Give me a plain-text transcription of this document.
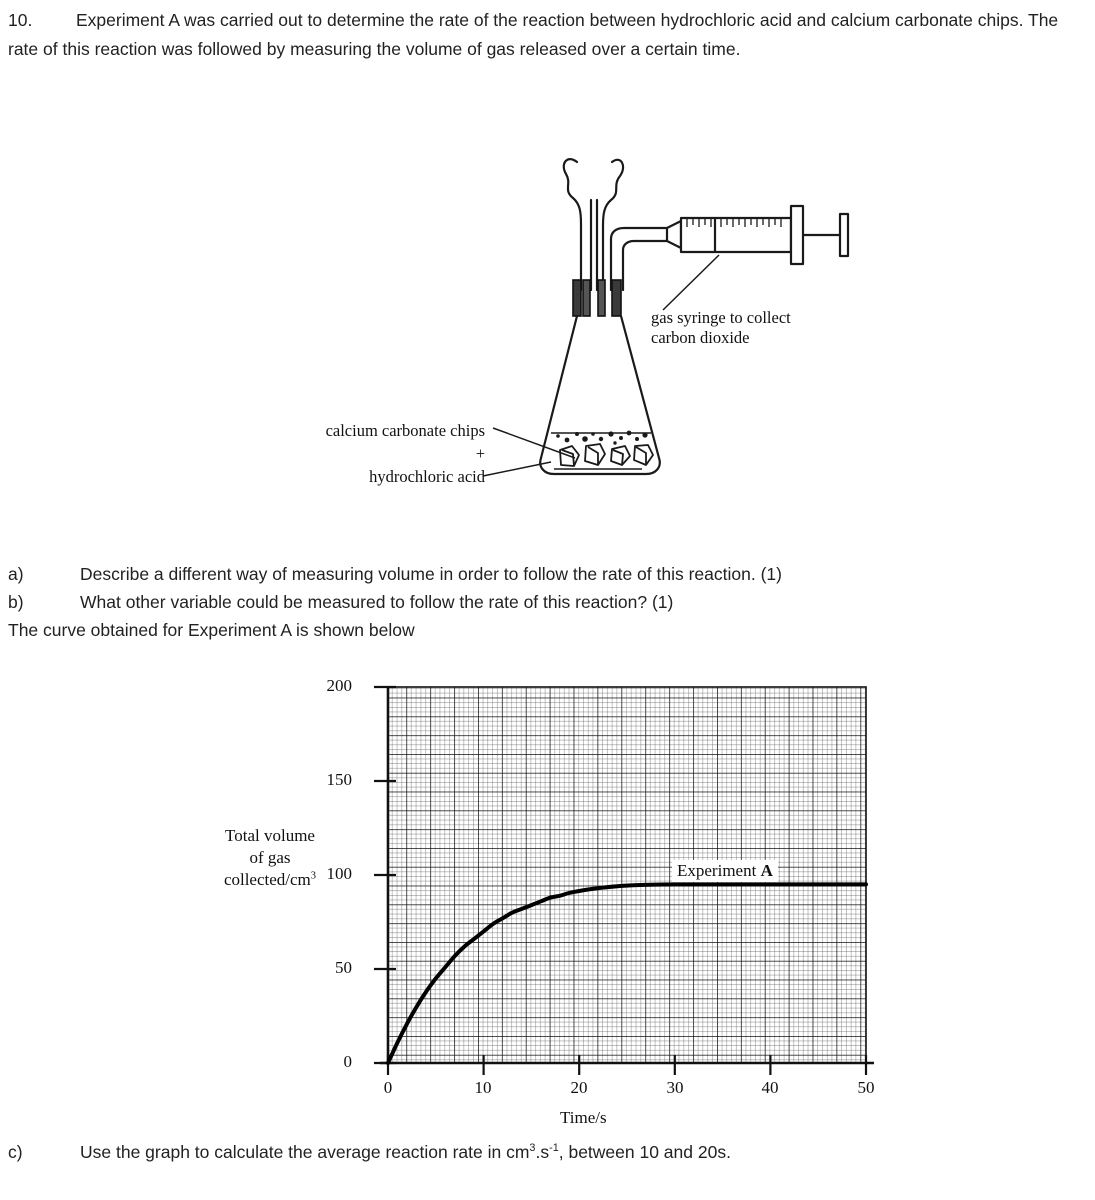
10. Experiment A was carried out to determine the rate of the reaction between hydrochloric acid and calcium carbonate chips. The rate of this reaction was followed by measuring the volume of gas released over a certain time.
gas syringe to collect
carbon dioxide
calcium carbonate chips
+
hydrochloric acid
a)	Describe a different way of measuring volume in order to follow the rate of this reaction. (1)
b)	What other variable could be measured to follow the rate of this reaction? (1)
The curve obtained for Experiment A is shown below
200
150
100
50
0
0	10	20	30	40	50
Total volume
of gas
collected/$cm^3$
Time/s
Experiment A
c)	Use the graph to calculate the average reaction rate in $cm^3.s^{-1}$, between 10 and 20s.
